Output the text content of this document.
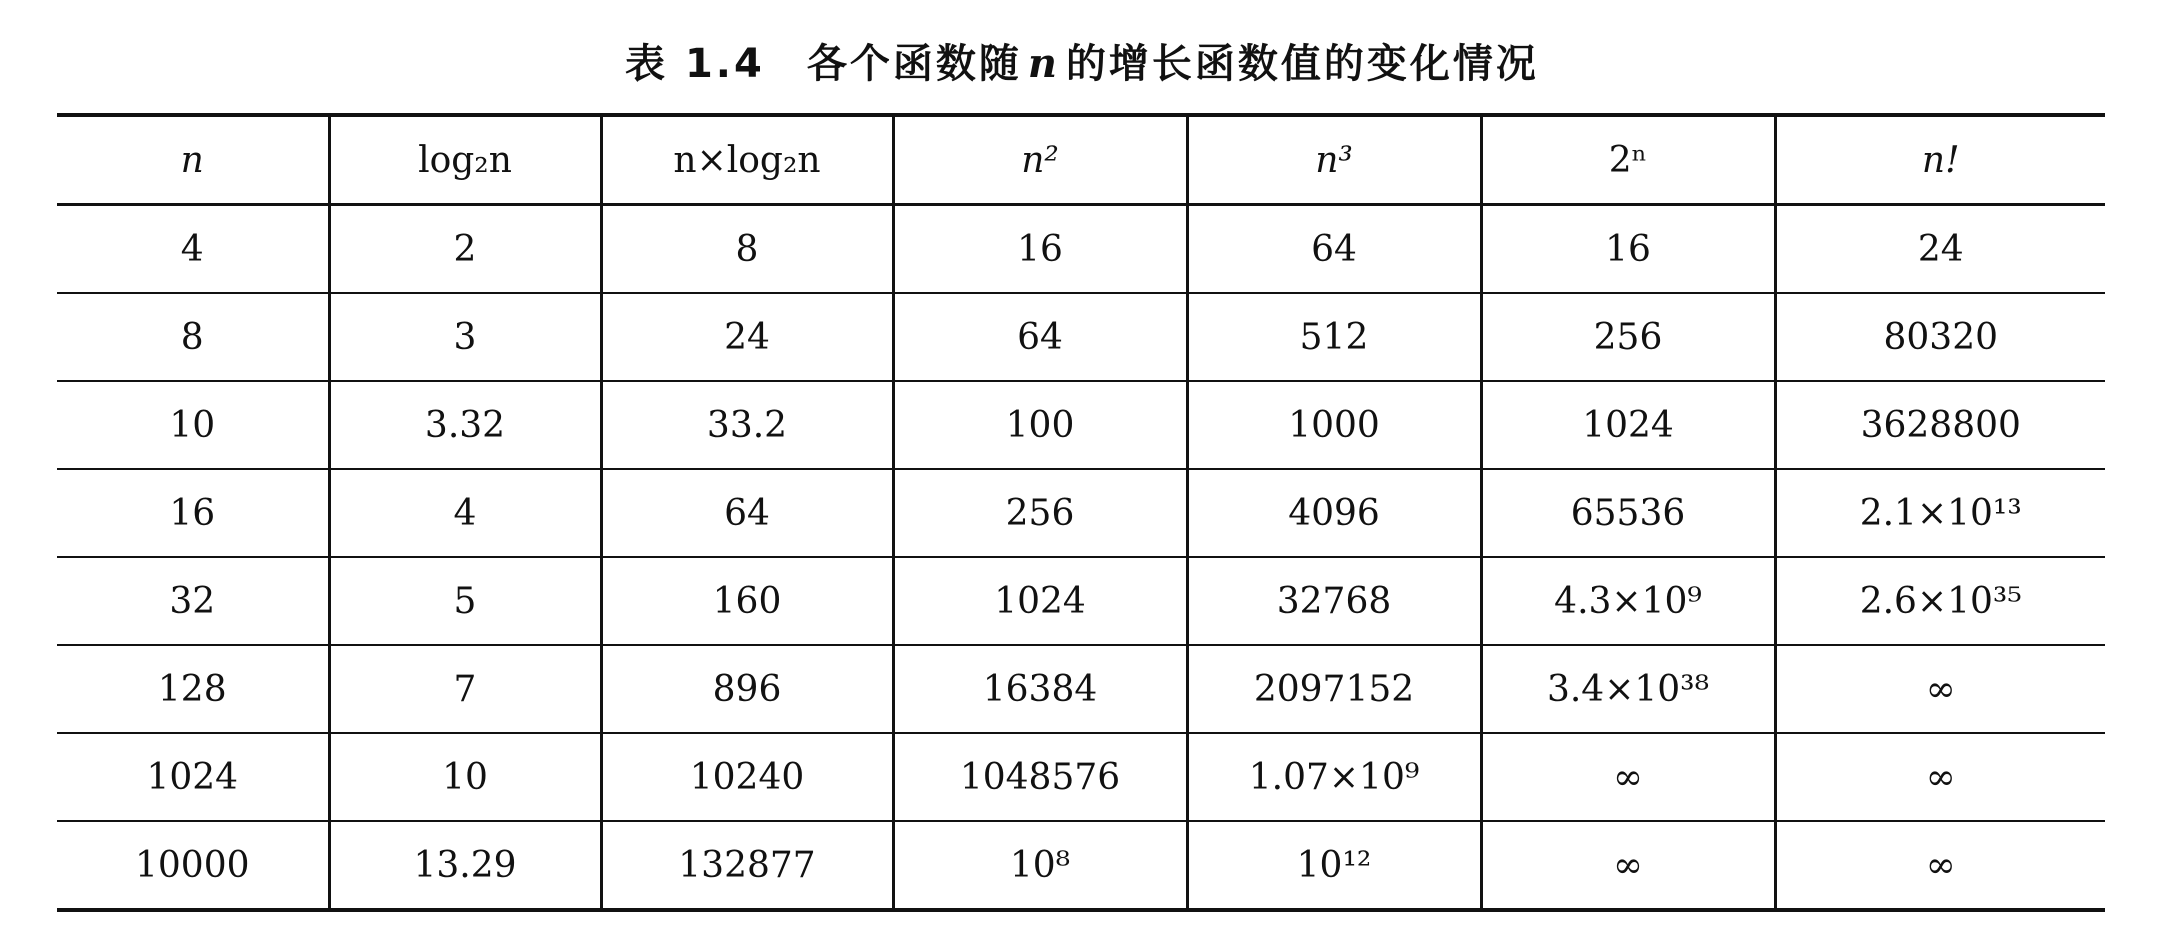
表 1.4 各个函数随 n 的增长函数值的变化情况
n	log₂n	n×log₂n	n²	n³	2ⁿ	n!
4	2	8	16	64	16	24
8	3	24	64	512	256	80320
10	3.32	33.2	100	1000	1024	3628800
16	4	64	256	4096	65536	2.1×10¹³
32	5	160	1024	32768	4.3×10⁹	2.6×10³⁵
128	7	896	16384	2097152	3.4×10³⁸	∞
1024	10	10240	1048576	1.07×10⁹	∞	∞
10000	13.29	132877	10⁸	10¹²	∞	∞
